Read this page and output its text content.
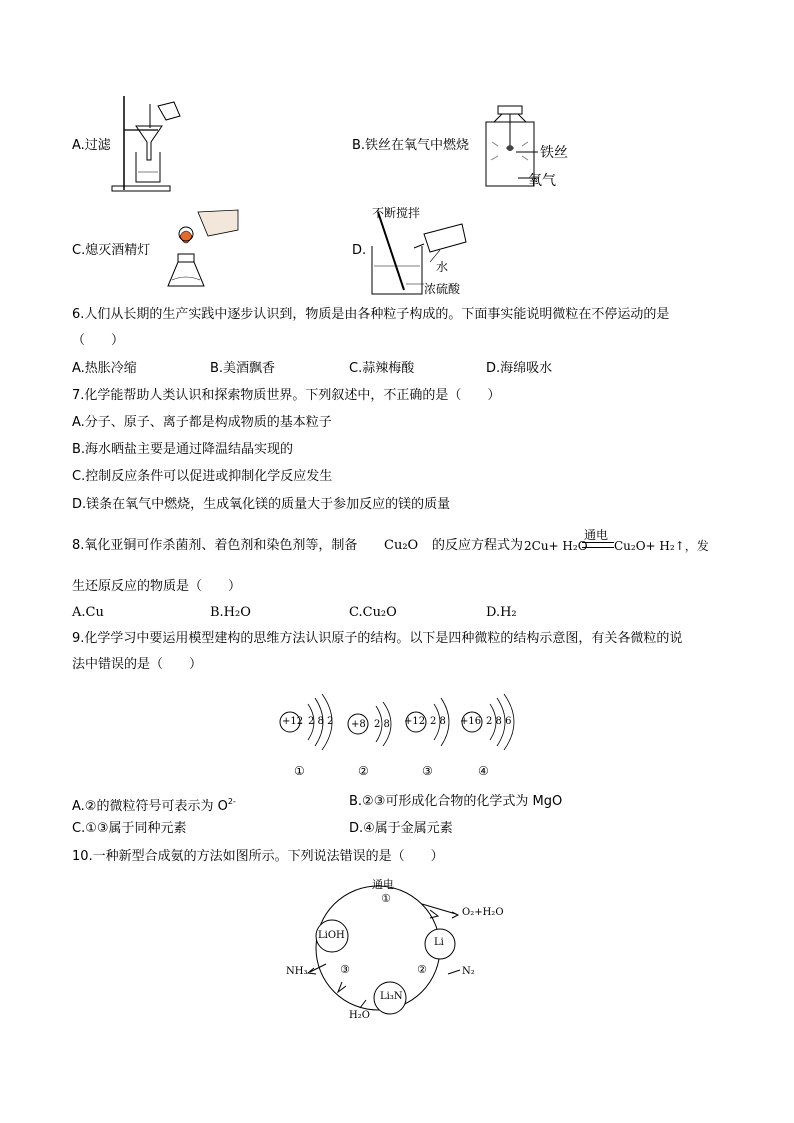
A.过滤	B.铁丝在氧气中燃烧	铁丝
氧气
C.熄灭酒精灯	D.
不断搅拌
水
浓硫酸
6.人们从长期的生产实践中逐步认识到，物质是由各种粒子构成的。下面事实能说明微粒在不停运动的是
（　　）
A.热胀冷缩	B.美酒飘香	C.蒜辣梅酸	D.海绵吸水
7.化学能帮助人类认识和探索物质世界。下列叙述中，不正确的是（　　）
A.分子、原子、离子都是构成物质的基本粒子
B.海水晒盐主要是通过降温结晶实现的
C.控制反应条件可以促进或抑制化学反应发生
D.镁条在氧气中燃烧，生成氧化镁的质量大于参加反应的镁的质量
8.氧化亚铜可作杀菌剂、着色剂和染色剂等，制备 Cu₂O 的反应方程式为 2Cu+ H₂O
通电
Cu₂O+ H₂↑，发
生还原反应的物质是（　　）
A.Cu	B.H₂O	C.Cu₂O	D.H₂
9.化学学习中要运用模型建构的思维方法认识原子的结构。以下是四种微粒的结构示意图，有关各微粒的说
法中错误的是（　　）
+12 2 8 2 +8 2 8 +12 2 8 +16 2 8 6
①	②	③	④
A.②的微粒符号可表示为 $O^{2-}$	B.②③可形成化合物的化学式为 MgO
C.①③属于同种元素	D.④属于金属元素
10.一种新型合成氨的方法如图所示。下列说法错误的是（　　）
通电
①
②
③
LiOH
Li
Li₃N
O₂+H₂O
N₂
NH₃
H₂O
